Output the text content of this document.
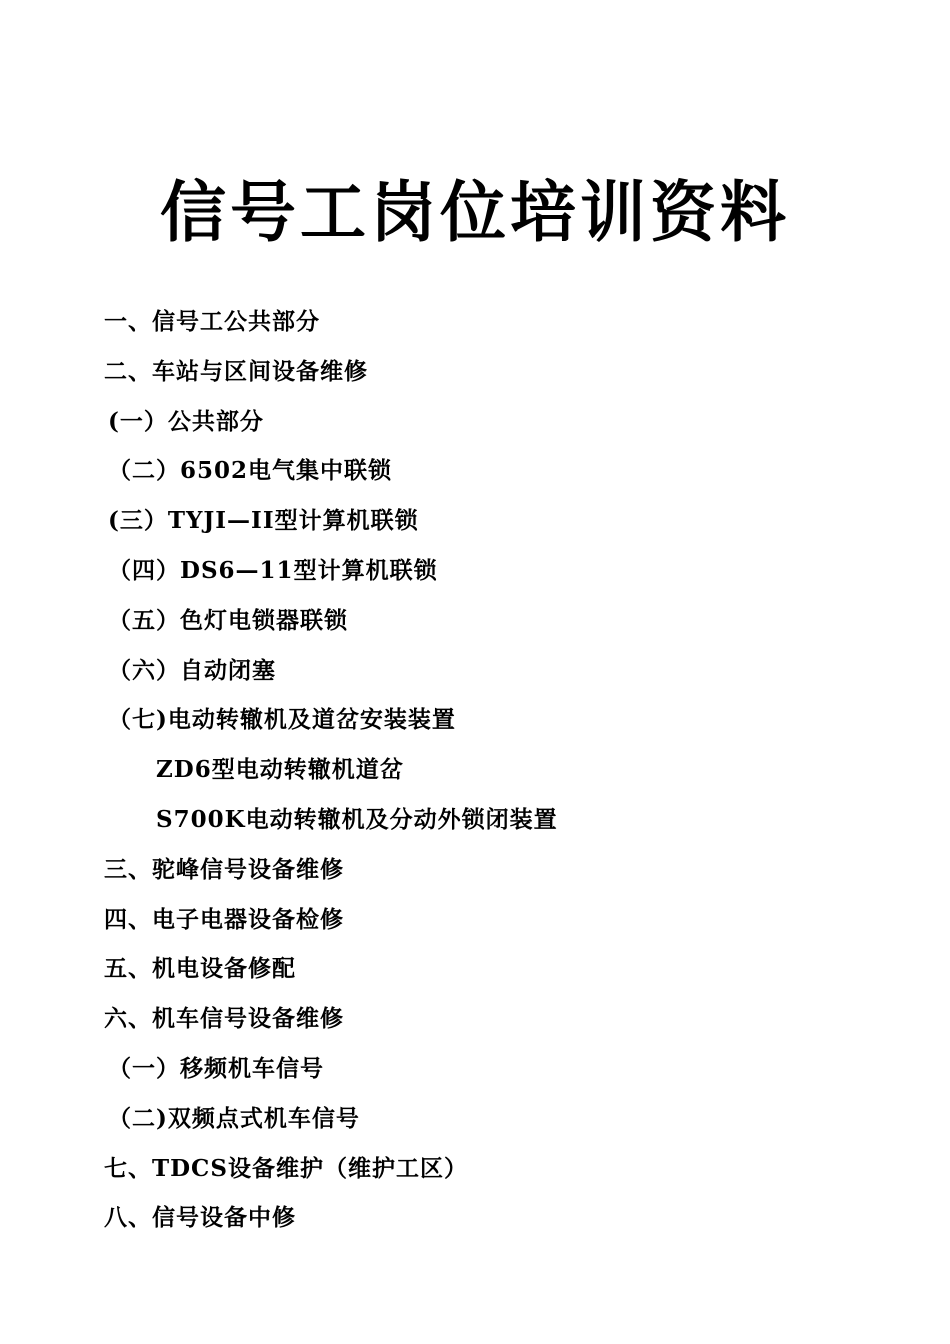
信号工岗位培训资料
一、信号工公共部分
二、车站与区间设备维修
(一）公共部分
（二）6502电气集中联锁
(三）TYJI—II型计算机联锁
（四）DS6—11型计算机联锁
（五）色灯电锁器联锁
（六）自动闭塞
（七)电动转辙机及道岔安装装置
ZD6型电动转辙机道岔
S700K电动转辙机及分动外锁闭装置
三、驼峰信号设备维修
四、电子电器设备检修
五、机电设备修配
六、机车信号设备维修
（一）移频机车信号
（二)双频点式机车信号
七、TDCS设备维护（维护工区）
八、信号设备中修
